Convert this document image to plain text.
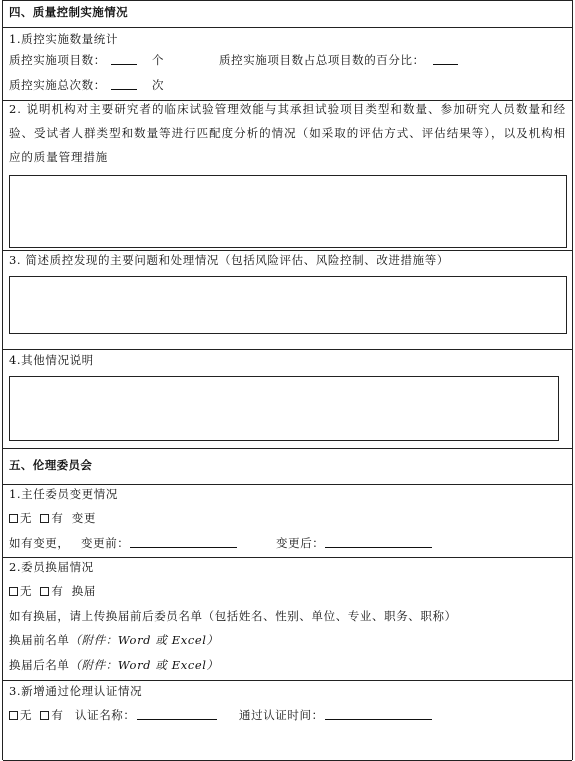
四、质量控制实施情况
1.质控实施数量统计
质控实施项目数：	个	质控实施项目数占总项目数的百分比：
质控实施总次数：	次
2. 说明机构对主要研究者的临床试验管理效能与其承担试验项目类型和数量、参加研究人员数量和经验、受试者人群类型和数量等进行匹配度分析的情况（如采取的评估方式、评估结果等），以及机构相应的质量管理措施
3. 简述质控发现的主要问题和处理情况（包括风险评估、风险控制、改进措施等）
4.其他情况说明
五、伦理委员会
1.主任委员变更情况
无 有 变更
如有变更， 变更前：	变更后：
2.委员换届情况
无 有 换届
如有换届，请上传换届前后委员名单（包括姓名、性别、单位、专业、职务、职称）
换届前名单（附件：Word 或 Excel）
换届后名单（附件：Word 或 Excel）
3.新增通过伦理认证情况
无 有 认证名称：	通过认证时间：
